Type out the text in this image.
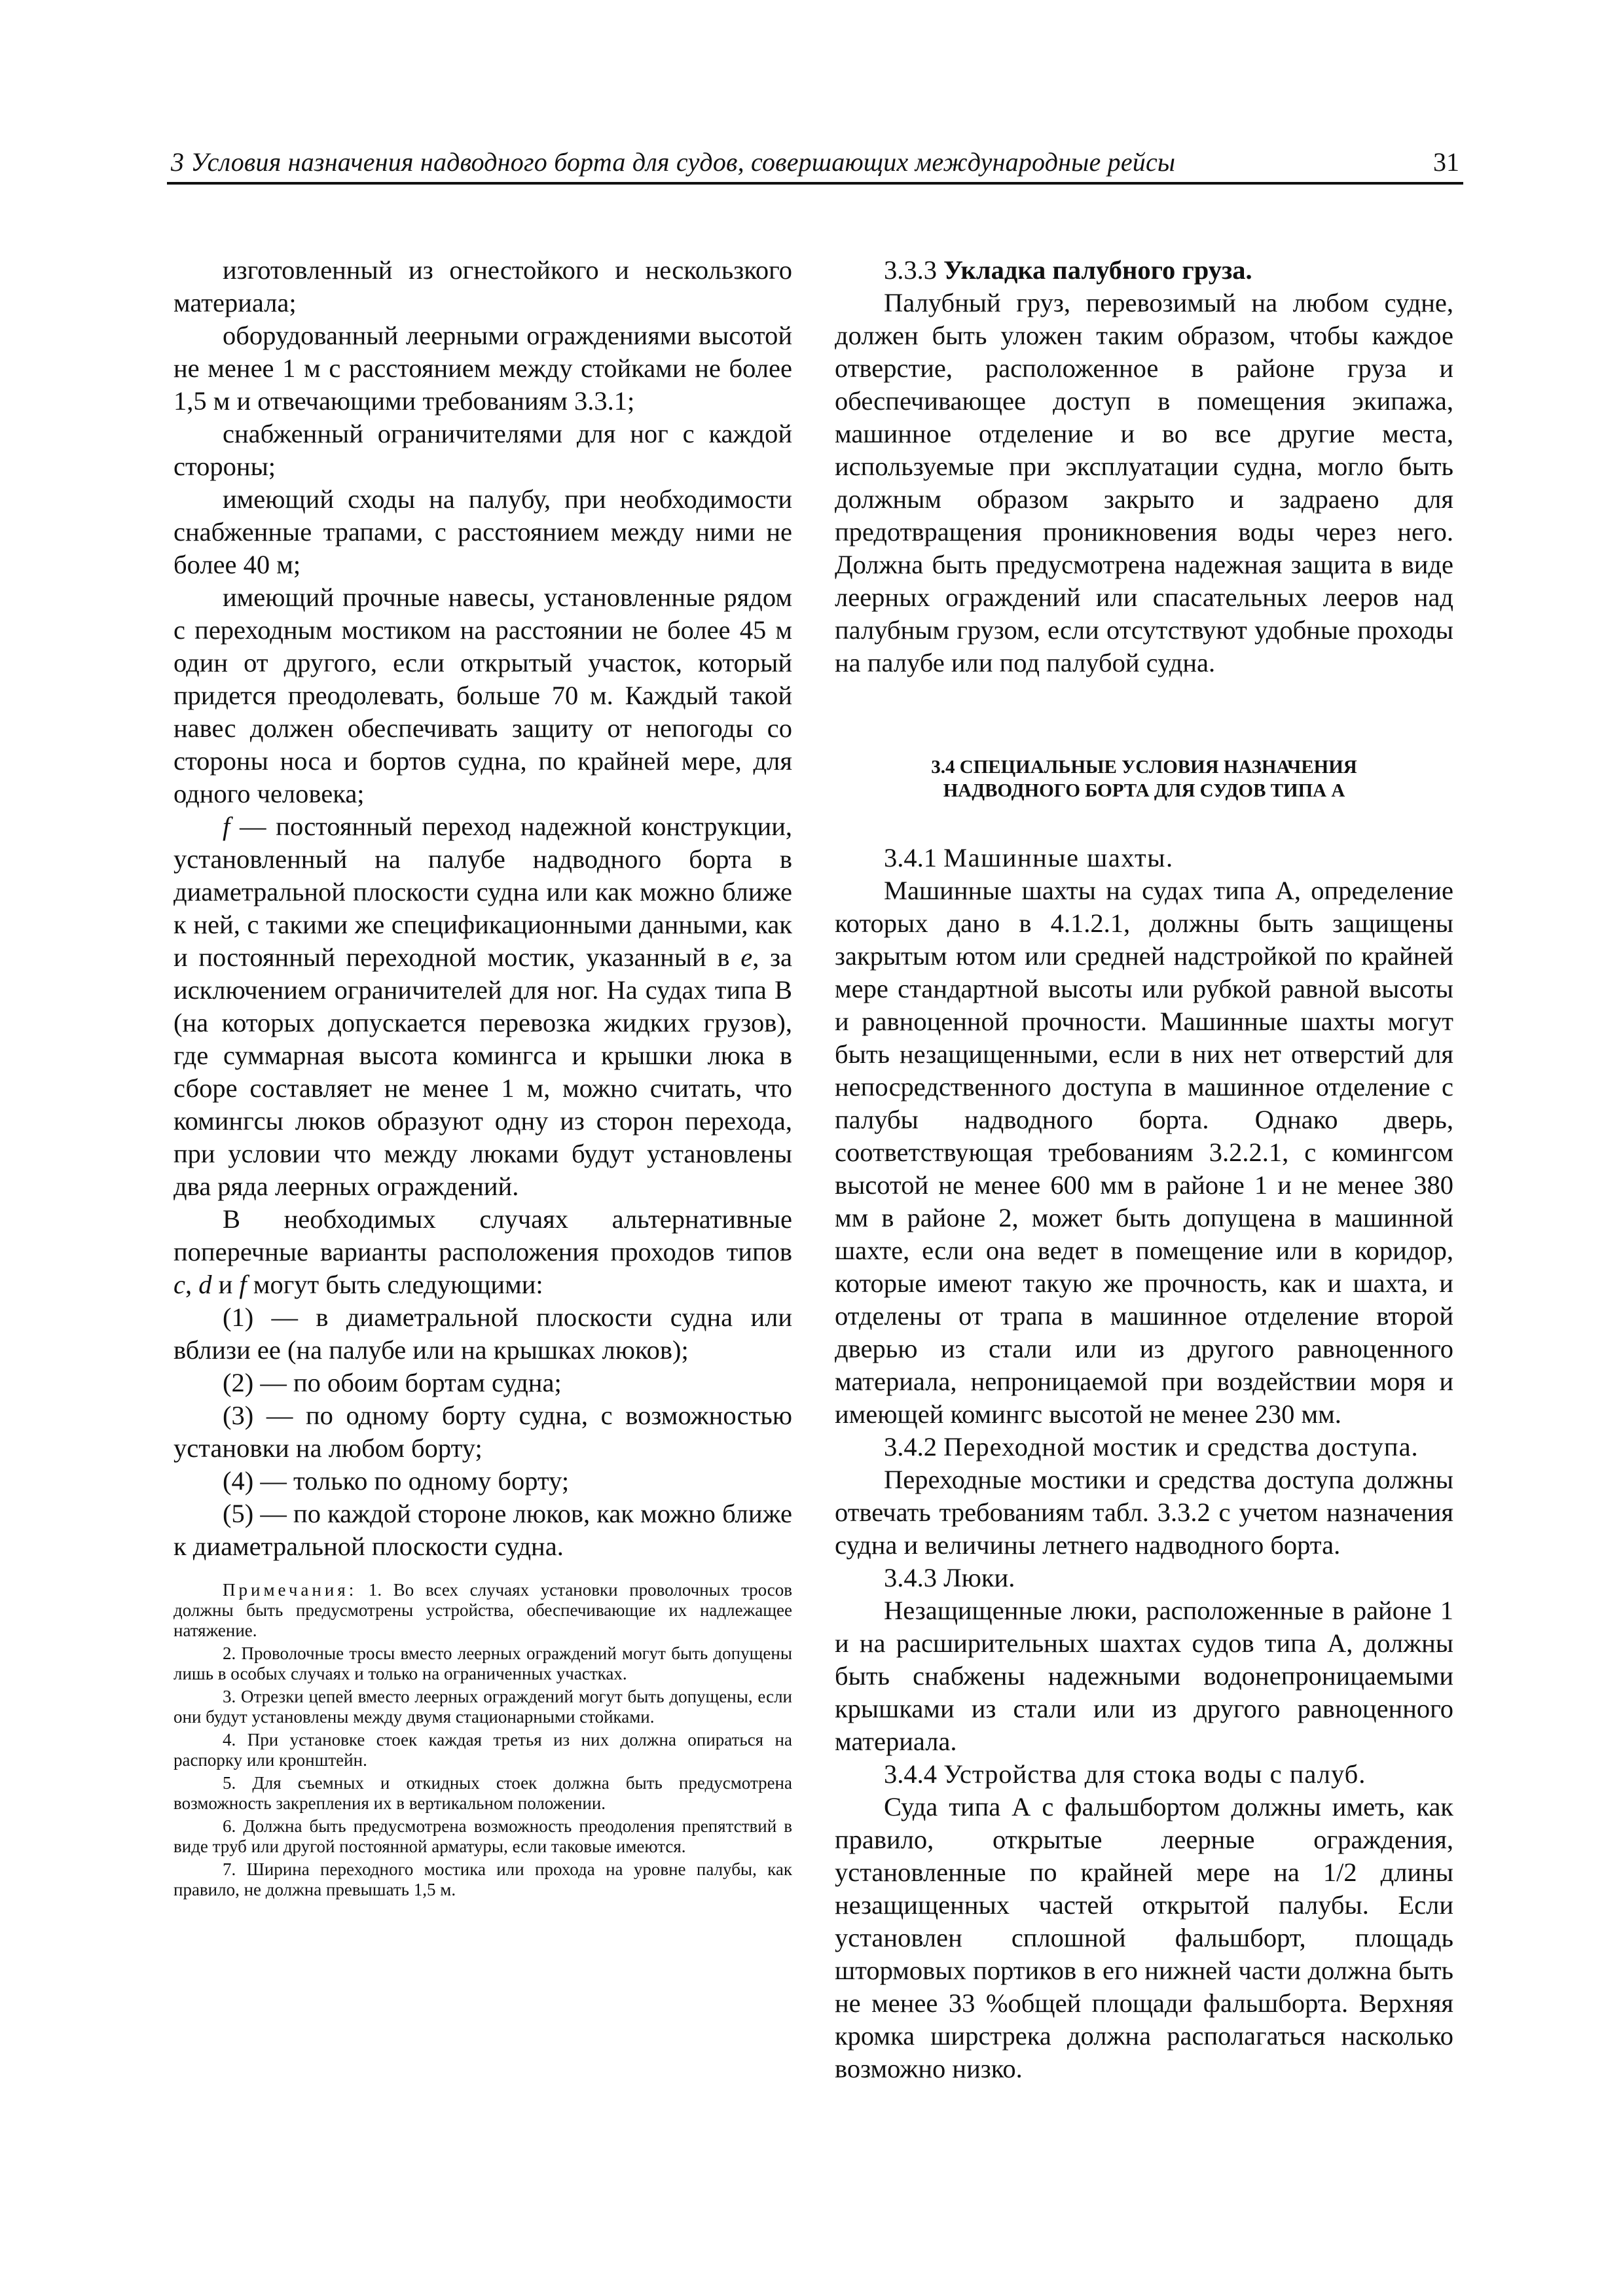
3 Условия назначения надводного борта для судов, совершающих международные рейсы	31

изготовленный из огнестойкого и нескользкого материала;

оборудованный леерными ограждениями высотой не менее 1 м с расстоянием между стойками не более 1,5 м и отвечающими требованиям 3.3.1;

снабженный ограничителями для ног с каждой стороны;

имеющий сходы на палубу, при необходимости снабженные трапами, с расстоянием между ними не более 40 м;

имеющий прочные навесы, установленные рядом с переходным мостиком на расстоянии не более 45 м один от другого, если открытый участок, который придется преодолевать, больше 70 м. Каждый такой навес должен обеспечивать защиту от непогоды со стороны носа и бортов судна, по крайней мере, для одного человека;

f — постоянный переход надежной конструкции, установленный на палубе надводного борта в диаметральной плоскости судна или как можно ближе к ней, с такими же спецификационными данными, как и постоянный переходной мостик, указанный в е, за исключением ограничителей для ног. На судах типа B (на которых допускается перевозка жидких грузов), где суммарная высота комингса и крышки люка в сборе составляет не менее 1 м, можно считать, что комингсы люков образуют одну из сторон перехода, при условии что между люками будут установлены два ряда леерных ограждений.

В необходимых случаях альтернативные поперечные варианты расположения проходов типов с, d и f могут быть следующими:

(1) — в диаметральной плоскости судна или вблизи ее (на палубе или на крышках люков);

(2) — по обоим бортам судна;

(3) — по одному борту судна, с возможностью установки на любом борту;

(4) — только по одному борту;

(5) — по каждой стороне люков, как можно ближе к диаметральной плоскости судна.

Примечания: 1. Во всех случаях установки проволочных тросов должны быть предусмотрены устройства, обеспечивающие их надлежащее натяжение.

2. Проволочные тросы вместо леерных ограждений могут быть допущены лишь в особых случаях и только на ограниченных участках.

3. Отрезки цепей вместо леерных ограждений могут быть допущены, если они будут установлены между двумя стационарными стойками.

4. При установке стоек каждая третья из них должна опираться на распорку или кронштейн.

5. Для съемных и откидных стоек должна быть предусмотрена возможность закрепления их в вертикальном положении.

6. Должна быть предусмотрена возможность преодоления препятствий в виде труб или другой постоянной арматуры, если таковые имеются.

7. Ширина переходного мостика или прохода на уровне палубы, как правило, не должна превышать 1,5 м.

3.3.3 Укладка палубного груза.

Палубный груз, перевозимый на любом судне, должен быть уложен таким образом, чтобы каждое отверстие, расположенное в районе груза и обеспечивающее доступ в помещения экипажа, машинное отделение и во все другие места, используемые при эксплуатации судна, могло быть должным образом закрыто и задраено для предотвращения проникновения воды через него. Должна быть предусмотрена надежная защита в виде леерных ограждений или спасательных лееров над палубным грузом, если отсутствуют удобные проходы на палубе или под палубой судна.

3.4 СПЕЦИАЛЬНЫЕ УСЛОВИЯ НАЗНАЧЕНИЯ
НАДВОДНОГО БОРТА ДЛЯ СУДОВ ТИПА А

3.4.1 Машинные шахты.

Машинные шахты на судах типа А, определение которых дано в 4.1.2.1, должны быть защищены закрытым ютом или средней надстройкой по крайней мере стандартной высоты или рубкой равной высоты и равноценной прочности. Машинные шахты могут быть незащищенными, если в них нет отверстий для непосредственного доступа в машинное отделение с палубы надводного борта. Однако дверь, соответствующая требованиям 3.2.2.1, с комингсом высотой не менее 600 мм в районе 1 и не менее 380 мм в районе 2, может быть допущена в машинной шахте, если она ведет в помещение или в коридор, которые имеют такую же прочность, как и шахта, и отделены от трапа в машинное отделение второй дверью из стали или из другого равноценного материала, непроницаемой при воздействии моря и имеющей комингс высотой не менее 230 мм.

3.4.2 Переходной мостик и средства доступа.

Переходные мостики и средства доступа должны отвечать требованиям табл. 3.3.2 с учетом назначения судна и величины летнего надводного борта.

3.4.3 Люки.

Незащищенные люки, расположенные в районе 1 и на расширительных шахтах судов типа А, должны быть снабжены надежными водонепроницаемыми крышками из стали или из другого равноценного материала.

3.4.4 Устройства для стока воды с палуб.

Суда типа А с фальшбортом должны иметь, как правило, открытые леерные ограждения, установленные по крайней мере на 1/2 длины незащищенных частей открытой палубы. Если установлен сплошной фальшборт, площадь штормовых портиков в его нижней части должна быть не менее 33 %общей площади фальшборта. Верхняя кромка ширстрека должна располагаться насколько возможно низко.
